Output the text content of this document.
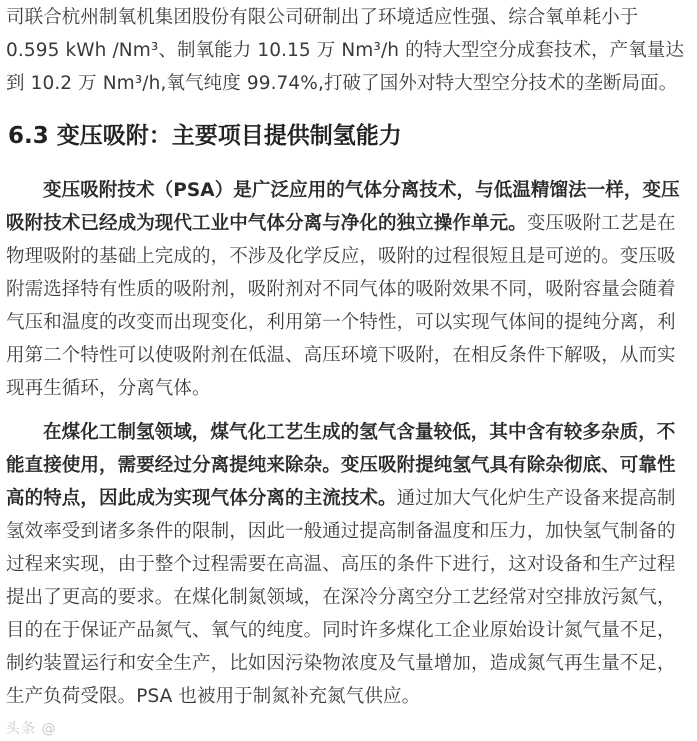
司联合杭州制氧机集团股份有限公司研制出了环境适应性强、综合氧单耗小于 0.595 kWh /Nm³、制氧能力 10.15 万 Nm³/h 的特大型空分成套技术，产氧量达到 10.2 万 Nm³/h,氧气纯度 99.74%,打破了国外对特大型空分技术的垄断局面。

6.3 变压吸附：主要项目提供制氢能力

变压吸附技术（PSA）是广泛应用的气体分离技术，与低温精馏法一样，变压吸附技术已经成为现代工业中气体分离与净化的独立操作单元。变压吸附工艺是在物理吸附的基础上完成的，不涉及化学反应，吸附的过程很短且是可逆的。变压吸附需选择特有性质的吸附剂，吸附剂对不同气体的吸附效果不同，吸附容量会随着气压和温度的改变而出现变化，利用第一个特性，可以实现气体间的提纯分离，利用第二个特性可以使吸附剂在低温、高压环境下吸附，在相反条件下解吸，从而实现再生循环，分离气体。

在煤化工制氢领域，煤气化工艺生成的氢气含量较低，其中含有较多杂质，不能直接使用，需要经过分离提纯来除杂。变压吸附提纯氢气具有除杂彻底、可靠性高的特点，因此成为实现气体分离的主流技术。通过加大气化炉生产设备来提高制氢效率受到诸多条件的限制，因此一般通过提高制备温度和压力，加快氢气制备的过程来实现，由于整个过程需要在高温、高压的条件下进行，这对设备和生产过程提出了更高的要求。在煤化制氮领域，在深冷分离空分工艺经常对空排放污氮气，目的在于保证产品氮气、氧气的纯度。同时许多煤化工企业原始设计氮气量不足，制约装置运行和安全生产，比如因污染物浓度及气量增加，造成氮气再生量不足，生产负荷受限。PSA 也被用于制氮补充氮气供应。

头条 @
